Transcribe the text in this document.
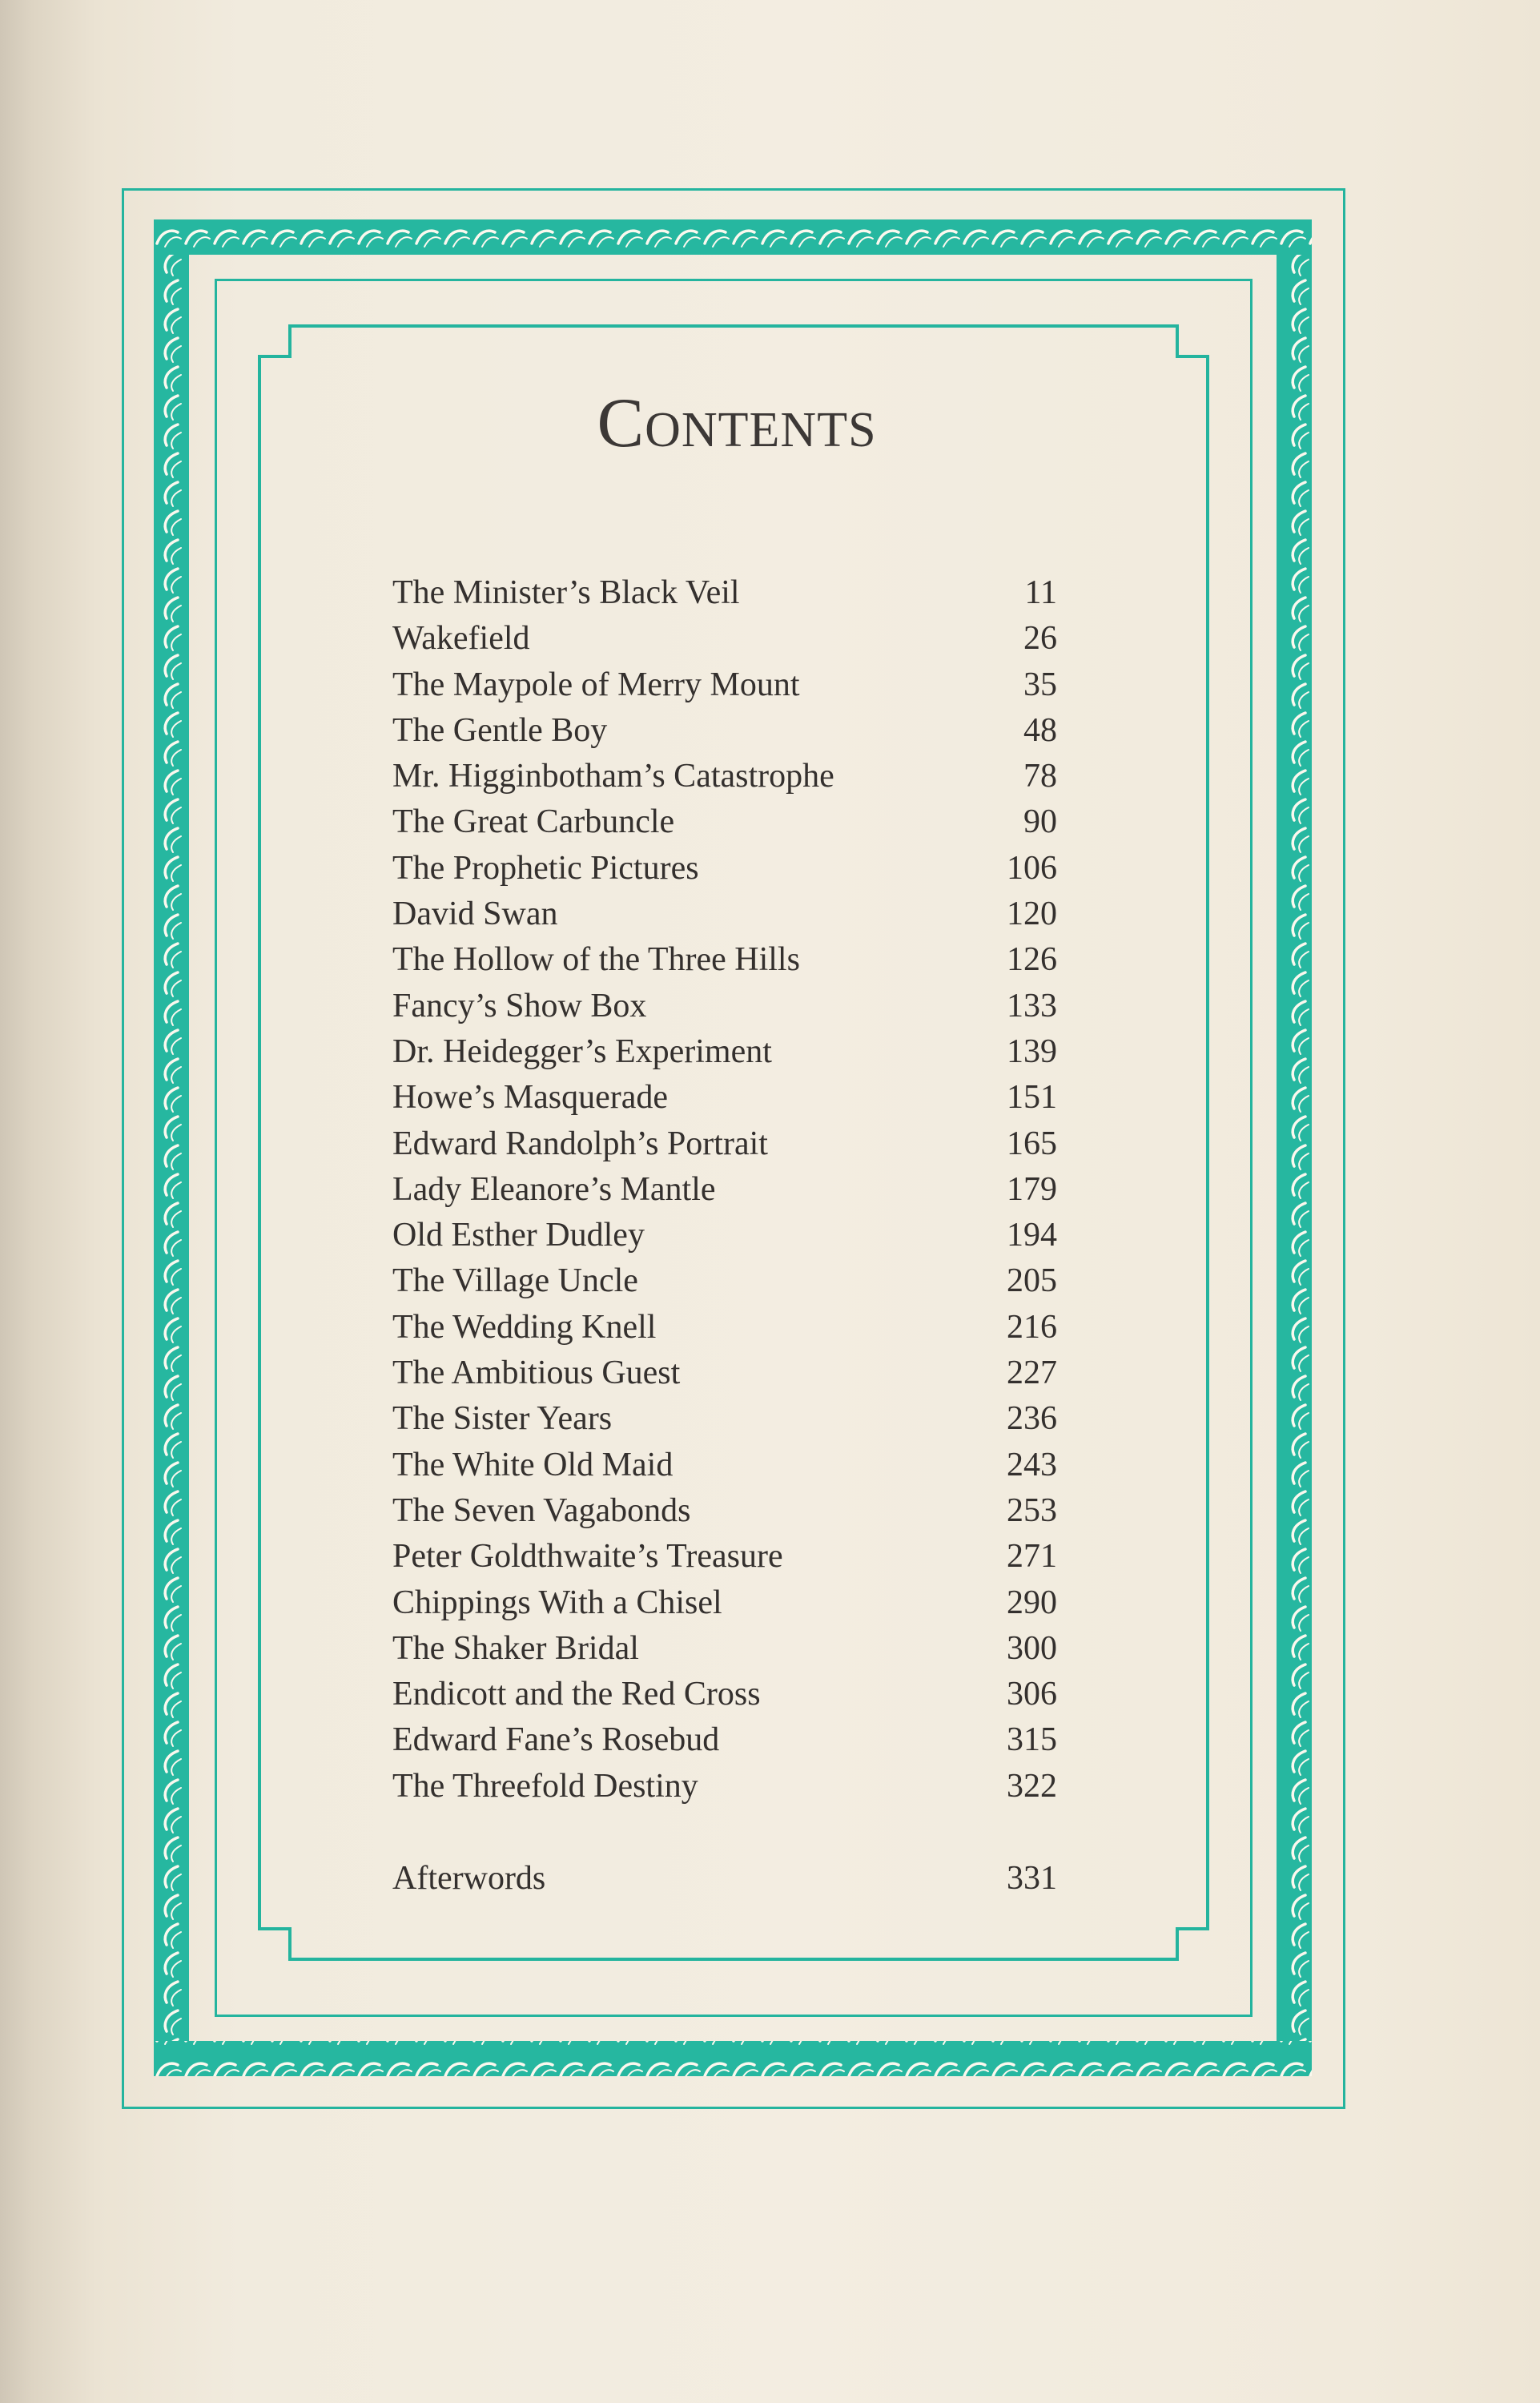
Contents
The Minister’s Black Veil	11
Wakefield	26
The Maypole of Merry Mount	35
The Gentle Boy	48
Mr. Higginbotham’s Catastrophe	78
The Great Carbuncle	90
The Prophetic Pictures	106
David Swan	120
The Hollow of the Three Hills	126
Fancy’s Show Box	133
Dr. Heidegger’s Experiment	139
Howe’s Masquerade	151
Edward Randolph’s Portrait	165
Lady Eleanore’s Mantle	179
Old Esther Dudley	194
The Village Uncle	205
The Wedding Knell	216
The Ambitious Guest	227
The Sister Years	236
The White Old Maid	243
The Seven Vagabonds	253
Peter Goldthwaite’s Treasure	271
Chippings With a Chisel	290
The Shaker Bridal	300
Endicott and the Red Cross	306
Edward Fane’s Rosebud	315
The Threefold Destiny	322
Afterwords	331
